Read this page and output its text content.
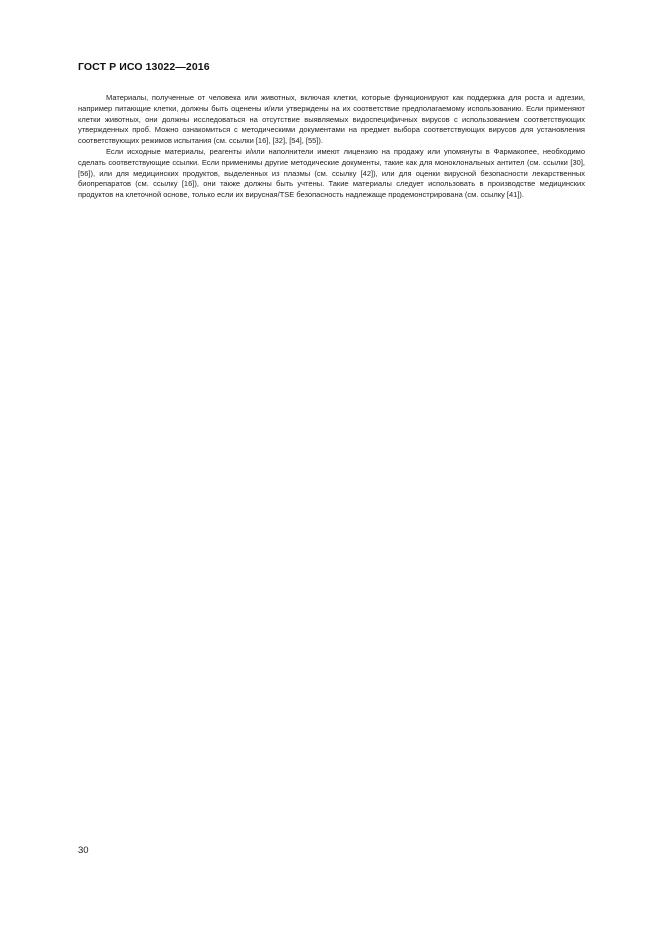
ГОСТ Р ИСО 13022—2016

Материалы, полученные от человека или животных, включая клетки, которые функционируют как поддержка для роста и адгезии, например питающие клетки, должны быть оценены и/или утверждены на их соответствие предполагаемому использованию. Если применяют клетки животных, они должны исследоваться на отсутствие выявляемых видоспецифичных вирусов с использованием соответствующих утвержденных проб. Можно ознакомиться с методическими документами на предмет выбора соответствующих вирусов для установления соответствующих режимов испытания (см. ссылки [16], [32], [54], [55]).

Если исходные материалы, реагенты и/или наполнители имеют лицензию на продажу или упомянуты в Фармакопее, необходимо сделать соответствующие ссылки. Если применимы другие методические документы, такие как для моноклональных антител (см. ссылки [30], [56]), или для медицинских продуктов, выделенных из плазмы (см. ссылку [42]), или для оценки вирусной безопасности лекарственных биопрепаратов (см. ссылку [16]), они также должны быть учтены. Такие материалы следует использовать в производстве медицинских продуктов на клеточной основе, только если их вирусная/TSE безопасность надлежаще продемонстрирована (см. ссылку [41]).

30
